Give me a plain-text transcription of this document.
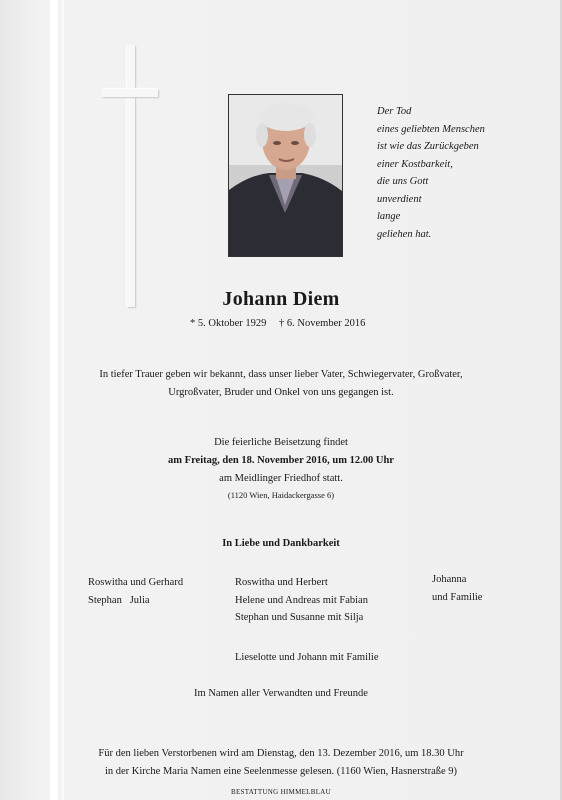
Der Tod
eines geliebten Menschen
ist wie das Zurückgeben
einer Kostbarkeit,
die uns Gott
unverdient
lange
geliehen hat.
Johann Diem
* 5. Oktober 1929 † 6. November 2016
In tiefer Trauer geben wir bekannt, dass unser lieber Vater, Schwiegervater, Großvater,
Urgroßvater, Bruder und Onkel von uns gegangen ist.
Die feierliche Beisetzung findet
am Freitag, den 18. November 2016, um 12.00 Uhr
am Meidlinger Friedhof statt.
(1120 Wien, Haidackergasse 6)
In Liebe und Dankbarkeit
Roswitha und Gerhard
Stephan   Julia
Roswitha und Herbert
Helene und Andreas mit Fabian
Stephan und Susanne mit Silja
Johanna
und Familie
Lieselotte und Johann mit Familie
Im Namen aller Verwandten und Freunde
Für den lieben Verstorbenen wird am Dienstag, den 13. Dezember 2016, um 18.30 Uhr
in der Kirche Maria Namen eine Seelenmesse gelesen. (1160 Wien, Hasnerstraße 9)
BESTATTUNG HIMMELBLAU
